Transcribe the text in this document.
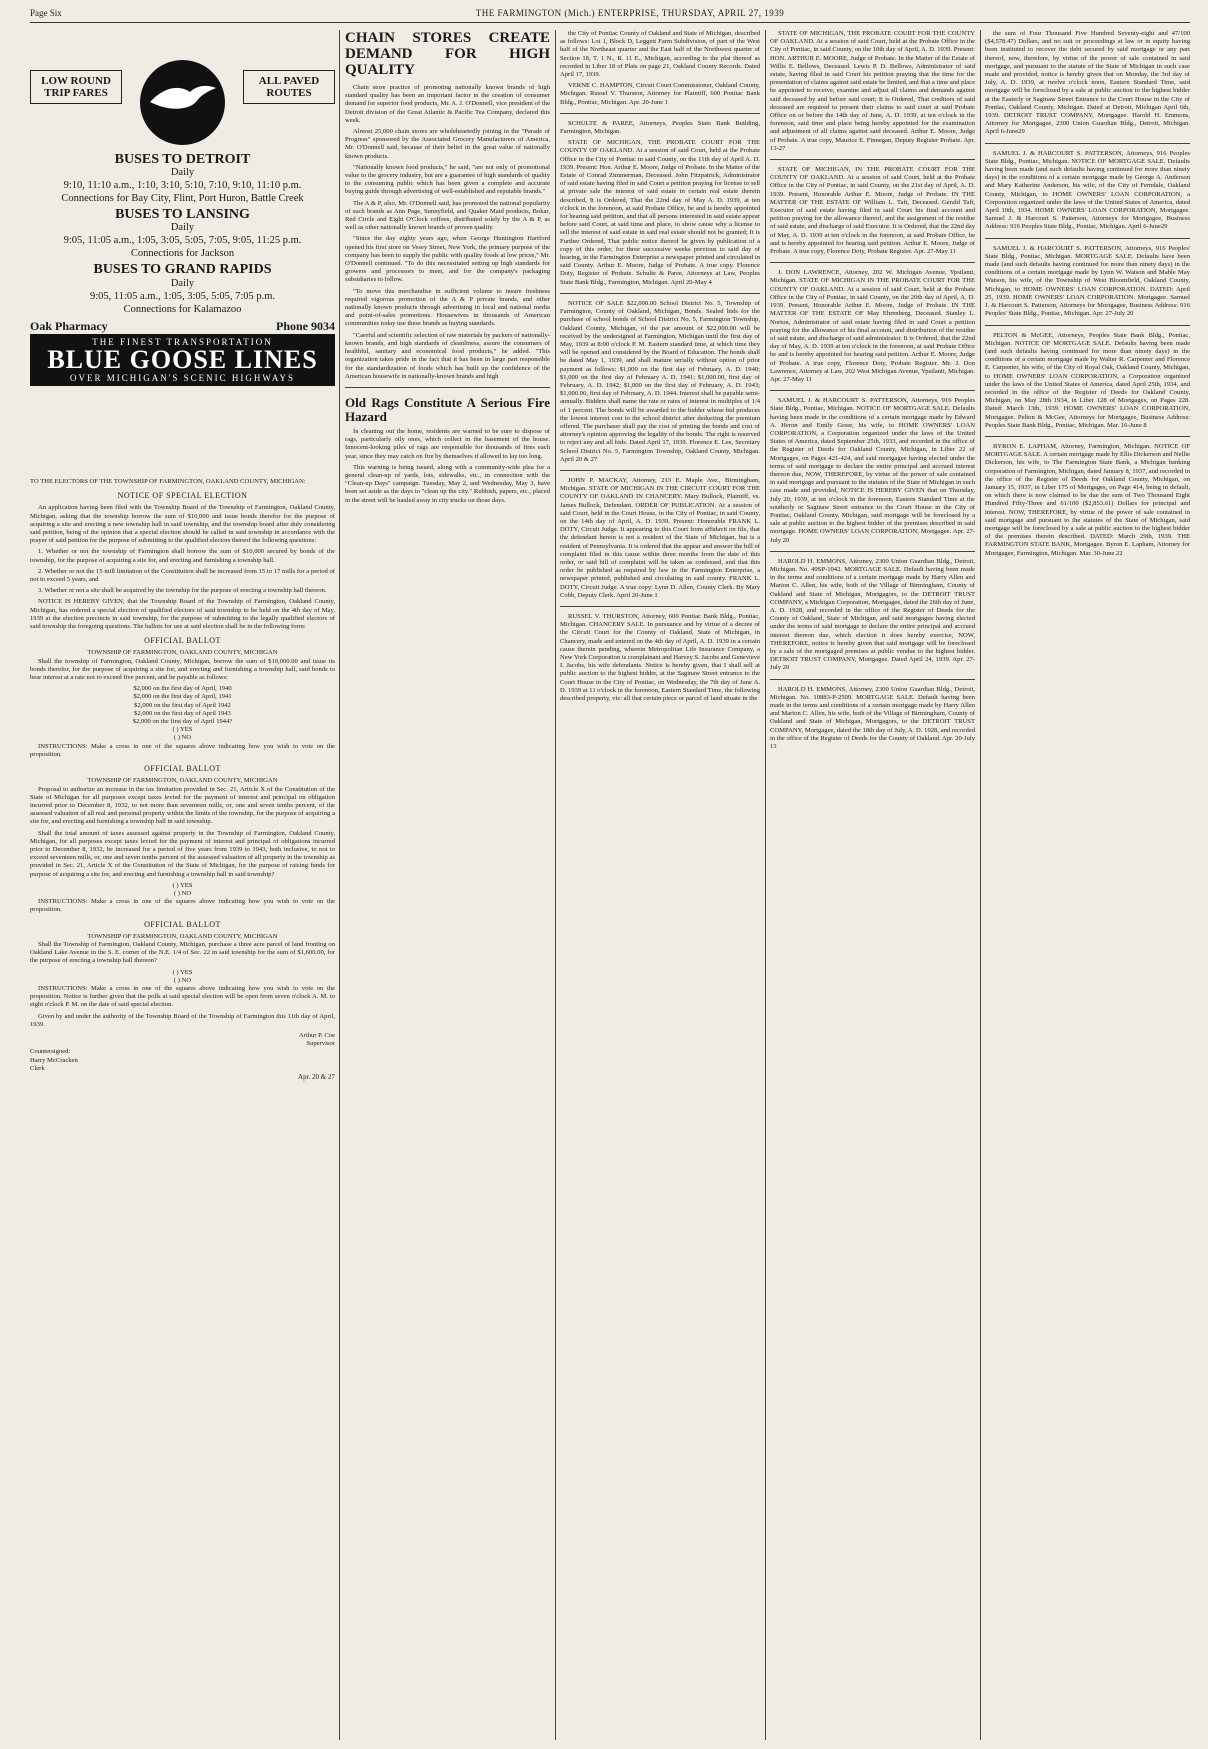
Page Six	THE FARMINGTON (Mich.) ENTERPRISE, THURSDAY, APRIL 27, 1939
LOW ROUND TRIP FARES
ALL PAVED ROUTES
BUSES TO DETROIT
Daily
9:10, 11:10 a.m., 1:10, 3:10, 5:10, 7:10, 9:10, 11:10 p.m.
Connections for Bay City, Flint, Port Huron, Battle Creek
BUSES TO LANSING
Daily
9:05, 11:05 a.m., 1:05, 3:05, 5:05, 7:05, 9:05, 11:25 p.m.
Connections for Jackson
BUSES TO GRAND RAPIDS
Daily
9:05, 11:05 a.m., 1:05, 3:05, 5:05, 7:05 p.m.
Connections for Kalamazoo
Oak Pharmacy	Phone 9034
THE FINEST TRANSPORTATION
BLUE GOOSE LINES
OVER MICHIGAN'S SCENIC HIGHWAYS
TO THE ELECTORS OF THE TOWNSHIP OF FARMINGTON, OAKLAND COUNTY, MICHIGAN:
NOTICE OF SPECIAL ELECTION

An application having been filed with the Township Board of the Township of Farmington, Oakland County, Michigan, asking that the township borrow the sum of $10,000 and issue bonds therefor for the purpose of acquiring a site and erecting a new township hall in said township, and the township board after duly considering said petition, being of the opinion that a special election should be called in said township in accordance with the prayer of said petition for the purpose of submitting to the qualified electors thereof the following questions:

1. Whether or not the township of Farmington shall borrow the sum of $10,000 secured by bonds of the township, for the purpose of acquiring a site for, and erecting and furnishing a township hall.

2. Whether or not the 15 mill limitation of the Constitution shall be increased from 15 to 17 mills for a period of not to exceed 5 years, and

3. Whether or not a site shall be acquired by the township for the purpose of erecting a township hall thereon.

NOTICE IS HEREBY GIVEN, that the Township Board of the Township of Farmington, Oakland County, Michigan, has ordered a special election of qualified electors of said township to be held on the 4th day of May, 1939 at the election precincts in said township, for the purpose of submitting to the legally qualified electors of said township the foregoing questions. The ballots for use at said election shall be in the following form:

OFFICIAL BALLOT
TOWNSHIP OF FARMINGTON, OAKLAND COUNTY, MICHIGAN

Shall the township of Farmington, Oakland County, Michigan, borrow the sum of $10,000.00 and issue its bonds therefor, for the purpose of acquiring a site for, and erecting and furnishing a township hall, said bonds to bear interest at a rate not to exceed five percent, and be payable as follows:

$2,000 on the first day of April, 1940
$2,000 on the first day of April, 1941
$2,000 on the first day of April 1942
$2,000 on the first day of April 1943
$2,000 on the first day of April 1944?
( ) YES
( ) NO

INSTRUCTIONS: Make a cross in one of the squares above indicating how you wish to vote on the proposition.

OFFICIAL BALLOT
TOWNSHIP OF FARMINGTON, OAKLAND COUNTY, MICHIGAN

Proposal to authorize an increase in the tax limitation provided in Sec. 21, Article X of the Constitution of the State of Michigan for all purposes except taxes levied for the payment of interest and principal on obligation incurred prior to December 8, 1932, to not more than seventeen mills, or, one and seven tenths percent, of the assessed valuation of all real and personal property within the limits of the township, for the purpose of acquiring a site for, and erecting and furnishing a township hall in said township.

Shall the total amount of taxes assessed against property in the Township of Farmington, Oakland County, Michigan, for all purposes except taxes levied for the payment of interest and principal of obligations incurred prior to December 8, 1932, be increased for a period of five years from 1939 to 1943, both inclusive, to not to exceed seventeen mills, or, one and seven tenths percent of the assessed valuation of all property in the township as provided in Sec. 21, Article X of the Constitution of the State of Michigan, for the purpose of raising funds for purpose of acquiring a site for, and erecting and furnishing a township hall in said township?

( ) YES
( ) NO

INSTRUCTIONS: Make a cross in one of the squares above indicating how you wish to vote on the proposition.

OFFICIAL BALLOT
TOWNSHIP OF FARMINGTON, OAKLAND COUNTY, MICHIGAN

Shall the Township of Farmington, Oakland County, Michigan, purchase a three acre parcel of land fronting on Oakland Lake Avenue in the S. E. corner of the N.E. 1/4 of Sec. 22 in said township for the sum of $1,600.00, for the purpose of erecting a township hall thereon?

( ) YES
( ) NO

INSTRUCTIONS: Make a cross in one of the squares above indicating how you wish to vote on the proposition. Notice is further given that the polls at said special election will be open from seven o'clock A. M. to eight o'clock P. M. on the date of said special election.

Given by and under the authority of the Township Board of the Township of Farmington this 11th day of April, 1939.

Arthur P. Coe
Supervisor
Countersigned:
Harry McCracken
Clerk
Apr. 20 & 27
CHAIN STORES CREATE DEMAND FOR HIGH QUALITY

Chain store practice of promoting nationally known brands of high standard quality has been an important factor in the creation of consumer demand for superior food products, Mr. A. J. O'Donnell, vice president of the Detroit division of the Great Atlantic & Pacific Tea Company, declared this week.

Almost 25,000 chain stores are wholeheartedly joining in the "Parade of Progress" sponsored by the Associated Grocery Manufacturers of America, Mr. O'Donnell said, because of their belief in the great value of nationally known products.

"Nationally known food products," he said, "are not only of promotional value to the grocery industry, but are a guarantee of high standards of quality to the consuming public which has been given a complete and accurate buying guide through advertising of well-established and reputable brands."

The A & P, also, Mr. O'Donnell said, has promoted the national popularity of such brands as Ann Page, Sunnyfield, and Quaker Maid products, Bokar, Red Circle and Eight O'Clock coffees, distributed solely by the A & P, as well as other nationally known brands of proven quality.

"Since the day eighty years ago, when George Huntington Hartford opened his first store on Vesey Street, New York, the primary purpose of the company has been to supply the public with quality foods at low prices," Mr. O'Donnell continued. "To do this necessitated setting up high standards for growers and processors to meet, and for the company's packaging subsidiaries to follow.

"To move this merchandise in sufficient volume to insure freshness required vigorous promotion of the A & P private brands, and other nationally known products through advertising in local and national media and point-of-sales promotions. Housewives in thousands of American communities today use these brands as buying standards.

"Careful and scientific selection of raw materials by packers of nationally-known brands, and high standards of cleanliness, assure the consumers of healthful, sanitary and economical food products," he added. "This organization takes pride in the fact that it has been in large part responsible for the standardization of foods which has built up the confidence of the American housewife in nationally-known brands and high

Old Rags Constitute A Serious Fire Hazard

In cleaning out the home, residents are warned to be sure to dispose of rags, particularly oily ones, which collect in the basement of the house. Innocent-looking piles of rags are responsible for thousands of fires each year, since they may catch on fire by themselves if allowed to lay too long.

This warning is being issued, along with a community-wide plea for a general clean-up of yards, lots, sidewalks, etc., in connection with the "Clean-up Days" campaign. Tuesday, May 2, and Wednesday, May 3, have been set aside as the days to "clean up the city." Rubbish, papers, etc., placed in the street will be hauled away in city trucks on those days.

the City of Pontiac County of Oakland and State of Michigan, described as follows: Lot 1, Block D, Leggett Farm Subdivision, of part of the West half of the Northeast quarter and the East half of the Northwest quarter of Section 18, T. 1 N., R. 11 E., Michigan, according to the plat thereof as recorded in Liber 18 of Plats on page 21, Oakland County Records. Dated April 17, 1939.

VERNE C. HAMPTON, Circuit Court Commissioner, Oakland County, Michigan. Russel V. Thurston, Attorney for Plaintiff, 600 Pontiac Bank Bldg., Pontiac, Michigan. Apr. 20-June 1

SCHULTE & PAREE, Attorneys, Peoples State Bank Building, Farmington, Michigan.

STATE OF MICHIGAN, THE PROBATE COURT FOR THE COUNTY OF OAKLAND. At a session of said Court, held at the Probate Office in the City of Pontiac in said County, on the 11th day of April A. D. 1939. Present: Hon. Arthur E. Moore, Judge of Probate. In the Matter of the Estate of Conrad Zimmerman, Deceased. John Fitzpatrick, Administrator of said estate having filed in said Court a petition praying for license to sell at private sale the interest of said estate in certain real estate therein described, It is Ordered, That the 22nd day of May A. D. 1939, at ten o'clock in the forenoon, at said Probate Office, be and is hereby appointed for hearing said petition, and that all persons interested in said estate appear before said Court, at said time and place, to show cause why a license to sell the interest of said estate in said real estate should not be granted; It is Further Ordered, That public notice thereof be given by publication of a copy of this order, for three successive weeks previous to said day of hearing, in the Farmington Enterprise a newspaper printed and circulated in said County. Arthur E. Moore, Judge of Probate. A true copy. Florence Doty, Register of Probate. Schulte & Paree, Attorneys at Law, Peoples State Bank Bldg., Farmington, Michigan. April 20-May 4

NOTICE OF SALE $22,000.00 School District No. 5, Township of Farmington, County of Oakland, Michigan, Bonds. Sealed bids for the purchase of school bonds of School District No. 5, Farmington Township, Oakland County, Michigan, of the par amount of $22,000.00 will be received by the undersigned at Farmington, Michigan until the first day of May, 1939 at 8:00 o'clock P. M. Eastern standard time, at which time they will be opened and considered by the Board of Education. The bonds shall be dated May 1, 1939, and shall mature serially without option of prior payment as follows: $1,000 on the first day of February, A. D. 1940; $1,000 on the first day of February A. D. 1941; $1,000.00, first day of February, A. D. 1942; $1,000 on the first day of February, A. D. 1943; $1,000.00, first day of February, A. D. 1944. Interest shall be payable semi-annually. Bidders shall name the rate or rates of interest in multiples of 1/4 of 1 percent. The bonds will be awarded to the bidder whose bid produces the lowest interest cost to the school district after deducting the premium offered. The purchaser shall pay the cost of printing the bonds and cost of attorney's opinion approving the legality of the bonds. The right is reserved to reject any and all bids. Dated April 17, 1939. Florence E. Lee, Secretary School District No. 5, Farmington Township, Oakland County, Michigan. April 20 & 27

JOHN P. MACKAY, Attorney, 213 E. Maple Ave., Birmingham, Michigan. STATE OF MICHIGAN IN THE CIRCUIT COURT FOR THE COUNTY OF OAKLAND IN CHANCERY. Mary Bullock, Plaintiff, vs. James Bullock, Defendant. ORDER OF PUBLICATION. At a session of said Court, held in the Court House, in the City of Pontiac, in said County, on the 14th day of April, A. D. 1939. Present: Honorable FRANK L. DOTY, Circuit Judge. It appearing to this Court from affidavit on file, that the defendant herein is not a resident of the State of Michigan, but is a resident of Pennsylvania. It is ordered that the appear and answer the bill of complaint filed in this cause within three months from the date of this order, or said bill of complaint will be taken as confessed, and that this order be published as required by law in the Farmington Enterprise, a newspaper printed, published and circulating in said county. FRANK L. DOTY, Circuit Judge. A true copy: Lynn D. Allen, County Clerk. By Mary Cobb, Deputy Clerk. April 20-June 1

RUSSEL V. THURSTON, Attorney, 600 Pontiac Bank Bldg., Pontiac, Michigan. CHANCERY SALE. In pursuance and by virtue of a decree of the Circuit Court for the County of Oakland, State of Michigan, in Chancery, made and entered on the 4th day of April, A. D. 1939 in a certain cause therein pending, wherein Metropolitan Life Insurance Company, a New York Corporation is complainant and Harvey S. Jacobs and Genevieve I. Jacobs, his wife defendants. Notice is hereby given, that I shall sell at public auction to the highest bidder, at the Saginaw Street entrance to the Court House in the City of Pontiac, on Wednesday, the 7th day of June A. D. 1939 at 11 o'clock in the forenoon, Eastern Standard Time, the following described property, viz: all that certain piece or parcel of land situate in the

STATE OF MICHIGAN, THE PROBATE COURT FOR THE COUNTY OF OAKLAND. At a session of said Court, held at the Probate Office in the City of Pontiac, in said County, on the 10th day of April, A. D. 1939. Present: HON. ARTHUR E. MOORE, Judge of Probate. In the Matter of the Estate of Willis E. Bellows, Deceased. Lewis P. D. Bellows, Administrator of said estate, having filed in said Court his petition praying that the time for the presentation of claims against said estate be limited, and that a time and place be appointed to receive, examine and adjust all claims and demands against said deceased by and before said court; It is Ordered, That creditors of said deceased are required to present their claims to said court at said Probate Office on or before the 14th day of June, A. D. 1939, at ten o'clock in the forenoon, said time and place being hereby appointed for the examination and adjustment of all claims against said deceased. Arthur E. Moore, Judge of Probate. A true copy, Maurice E. Finnegan, Deputy Register Probate. Apr. 13-27

STATE OF MICHIGAN, IN THE PROBATE COURT FOR THE COUNTY OF OAKLAND. At a session of said Court, held at the Probate Office in the City of Pontiac, in said County, on the 21st day of April, A. D. 1939. Present, Honorable Arthur E. Moore, Judge of Probate. IN THE MATTER OF THE ESTATE OF William L. Taft, Deceased. Gerald Taft, Executor of said estate having filed in said Court his final account and petition praying for the allowance thereof, and the assignment of the residue of said estate, and discharge of said Executor. It is Ordered, that the 22nd day of May, A. D. 1939 at ten o'clock in the forenoon, at said Probate Office, be and is hereby appointed for hearing said petition. Arthur E. Moore, Judge of Probate. A true copy, Florence Doty, Probate Register. Apr. 27-May 11

J. DON LAWRENCE, Attorney, 202 W. Michigan Avenue, Ypsilanti, Michigan. STATE OF MICHIGAN IN THE PROBATE COURT FOR THE COUNTY OF OAKLAND. At a session of said Court, held at the Probate Office in the City of Pontiac, in said County, on the 20th day of April, A. D. 1939. Present, Honorable Arthur E. Moore, Judge of Probate. IN THE MATTER OF THE ESTATE OF May Ehrenberg, Deceased. Stanley L. Norton, Administrator of said estate having filed in said Court a petition praying for the allowance of his final account, and distribution of the residue of said estate, and discharge of said administrator. It is Ordered, that the 22nd day of May, A. D. 1939 at ten o'clock in the forenoon, at said Probate Office be and is hereby appointed for hearing said petition. Arthur E. Moore, Judge of Probate. A true copy, Florence Doty, Probate Register. Mr. J. Don Lawrence, Attorney at Law, 202 West Michigan Avenue, Ypsilanti, Michigan. Apr. 27-May 11

SAMUEL J. & HARCOURT S. PATTERSON, Attorneys, 916 Peoples State Bldg., Pontiac, Michigan. NOTICE OF MORTGAGE SALE. Defaults having been made in the conditions of a certain mortgage made by Edward A. Heron and Emily Greer, his wife, to HOME OWNERS' LOAN CORPORATION, a Corporation organized under the laws of the United States of America, dated September 25th, 1933, and recorded in the office of the Register of Deeds for Oakland County, Michigan, in Liber 22 of Mortgages, on Pages 421-424, and said mortgagee having elected under the terms of said mortgage to declare the entire principal and accrued interest thereon due, NOW, THEREFORE, by virtue of the power of sale contained in said mortgage and pursuant to the statutes of the State of Michigan in such case made and provided, NOTICE IS HEREBY GIVEN that on Thursday, July 20, 1939, at ten o'clock in the forenoon, Eastern Standard Time at the southerly or Saginaw Street entrance to the Court House in the City of Pontiac, Oakland County, Michigan, said mortgage will be foreclosed by a sale at public auction to the highest bidder of the premises described in said mortgage. HOME OWNERS' LOAN CORPORATION, Mortgagee. Apr. 27-July 20

HAROLD H. EMMONS, Attorney, 2300 Union Guardian Bldg., Detroit, Michigan. No. 49SP-1042. MORTGAGE SALE. Default having been made in the terms and conditions of a certain mortgage made by Harry Allen and Marion C. Allen, his wife, both of the Village of Birmingham, County of Oakland and State of Michigan, Mortgagors, to the DETROIT TRUST COMPANY, a Michigan Corporation, Mortgagee, dated the 26th day of June, A. D. 1928, and recorded in the office of the Register of Deeds for the County of Oakland, State of Michigan, and said mortgagee having elected under the terms of said mortgage to declare the entire principal and accrued interest thereon due, which election it does hereby exercise, NOW, THEREFORE, notice is hereby given that said mortgage will be foreclosed by a sale of the mortgaged premises at public vendue to the highest bidder. DETROIT TRUST COMPANY, Mortgagee. Dated April 24, 1939. Apr. 27-July 20

HAROLD H. EMMONS, Attorney, 2300 Union Guardian Bldg., Detroit, Michigan. No. 10883-P-2509. MORTGAGE SALE. Default having been made in the terms and conditions of a certain mortgage made by Harry Allen and Marion C. Allen, his wife, both of the Village of Birmingham, County of Oakland and State of Michigan, Mortgagors, to the DETROIT TRUST COMPANY, Mortgagee, dated the 18th day of July, A. D. 1928, and recorded in the office of the Register of Deeds for the County of Oakland. Apr. 20-July 13

the sum of Four Thousand Five Hundred Seventy-eight and 47/100 ($4,578.47) Dollars, and no suit or proceedings at law or in equity having been instituted to recover the debt secured by said mortgage or any part thereof, now, therefore, by virtue of the power of sale contained in said mortgage, and pursuant to the statute of the State of Michigan in such case made and provided, notice is hereby given that on Monday, the 3rd day of July, A. D. 1939, at twelve o'clock noon, Eastern Standard Time, said mortgage will be foreclosed by a sale at public auction to the highest bidder at the Easterly or Saginaw Street Entrance to the Court House in the City of Pontiac, Oakland County, Michigan. Dated at Detroit, Michigan April 6th, 1939. DETROIT TRUST COMPANY, Mortgagee. Harold H. Emmons, Attorney for Mortgagee, 2300 Union Guardian Bldg., Detroit, Michigan. April 6-June29

SAMUEL J. & HARCOURT S. PATTERSON, Attorneys, 916 Peoples State Bldg., Pontiac, Michigan. NOTICE OF MORTGAGE SALE. Defaults having been made (and such defaults having continued for more than ninety days) in the conditions of a certain mortgage made by George A. Anderson and Mary Katherine Anderson, his wife, of the City of Ferndale, Oakland County, Michigan, to HOME OWNERS' LOAN CORPORATION, a Corporation organized under the laws of the United States of America, dated April 10th, 1934. HOME OWNERS' LOAN CORPORATION, Mortgagee. Samuel J. & Harcourt S. Patterson, Attorneys for Mortgagee, Business Address: 916 Peoples State Bldg., Pontiac, Michigan. April 6-June29

SAMUEL J. & HARCOURT S. PATTERSON, Attorneys, 916 Peoples' State Bldg., Pontiac, Michigan. MORTGAGE SALE. Defaults have been made (and such defaults having continued for more than ninety days) in the conditions of a certain mortgage made by Lynn W. Watson and Mable May Watson, his wife, of the Township of West Bloomfield, Oakland County, Michigan, to HOME OWNERS' LOAN CORPORATION. DATED: April 25, 1939. HOME OWNERS' LOAN CORPORATION. Mortgagee. Samuel J. & Harcourt S. Patterson, Attorneys for Mortgagee, Business Address: 916 Peoples' State Bldg., Pontiac, Michigan. Apr. 27-July 20

PELTON & McGEE, Attorneys, Peoples State Bank Bldg., Pontiac, Michigan. NOTICE OF MORTGAGE SALE. Defaults having been made (and such defaults having continued for more than ninety days) in the conditions of a certain mortgage made by Walter R. Carpenter and Florence E. Carpenter, his wife, of the City of Royal Oak, Oakland County, Michigan, to HOME OWNERS' LOAN CORPORATION, a Corporation organized under the laws of the United States of America, dated April 25th, 1934, and recorded in the office of the Register of Deeds for Oakland County, Michigan, on May 28th 1934, in Liber 128 of Mortgages, on Pages 228. Dated: March 13th, 1939. HOME OWNERS' LOAN CORPORATION, Mortgagee. Pelton & McGee, Attorneys for Mortgagee, Business Address: Peoples State Bank Bldg., Pontiac, Michigan. Mar. 16-June 8

BYRON E. LAPHAM, Attorney, Farmington, Michigan. NOTICE OF MORTGAGE SALE. A certain mortgage made by Ellis Dickerson and Nellie Dickerson, his wife, to The Farmington State Bank, a Michigan banking corporation of Farmington, Michigan, dated January 8, 1937, and recorded in the office of the Register of Deeds for Oakland County, Michigan, on January 15, 1937, in Liber 175 of Mortgages, on Page 414, being in default, on which there is now claimed to be due the sum of Two Thousand Eight Hundred Fifty-Three and 61/100 ($2,853.61) Dollars for principal and interest. NOW, THEREFORE, by virtue of the power of sale contained in said mortgage and pursuant to the statutes of the State of Michigan, said mortgage will be foreclosed by a sale at public auction to the highest bidder of the premises therein described. DATED: March 29th, 1939. THE FARMINGTON STATE BANK, Mortgagee. Byron E. Lapham, Attorney for Mortgagee, Farmington, Michigan. Mar. 30-June 22
